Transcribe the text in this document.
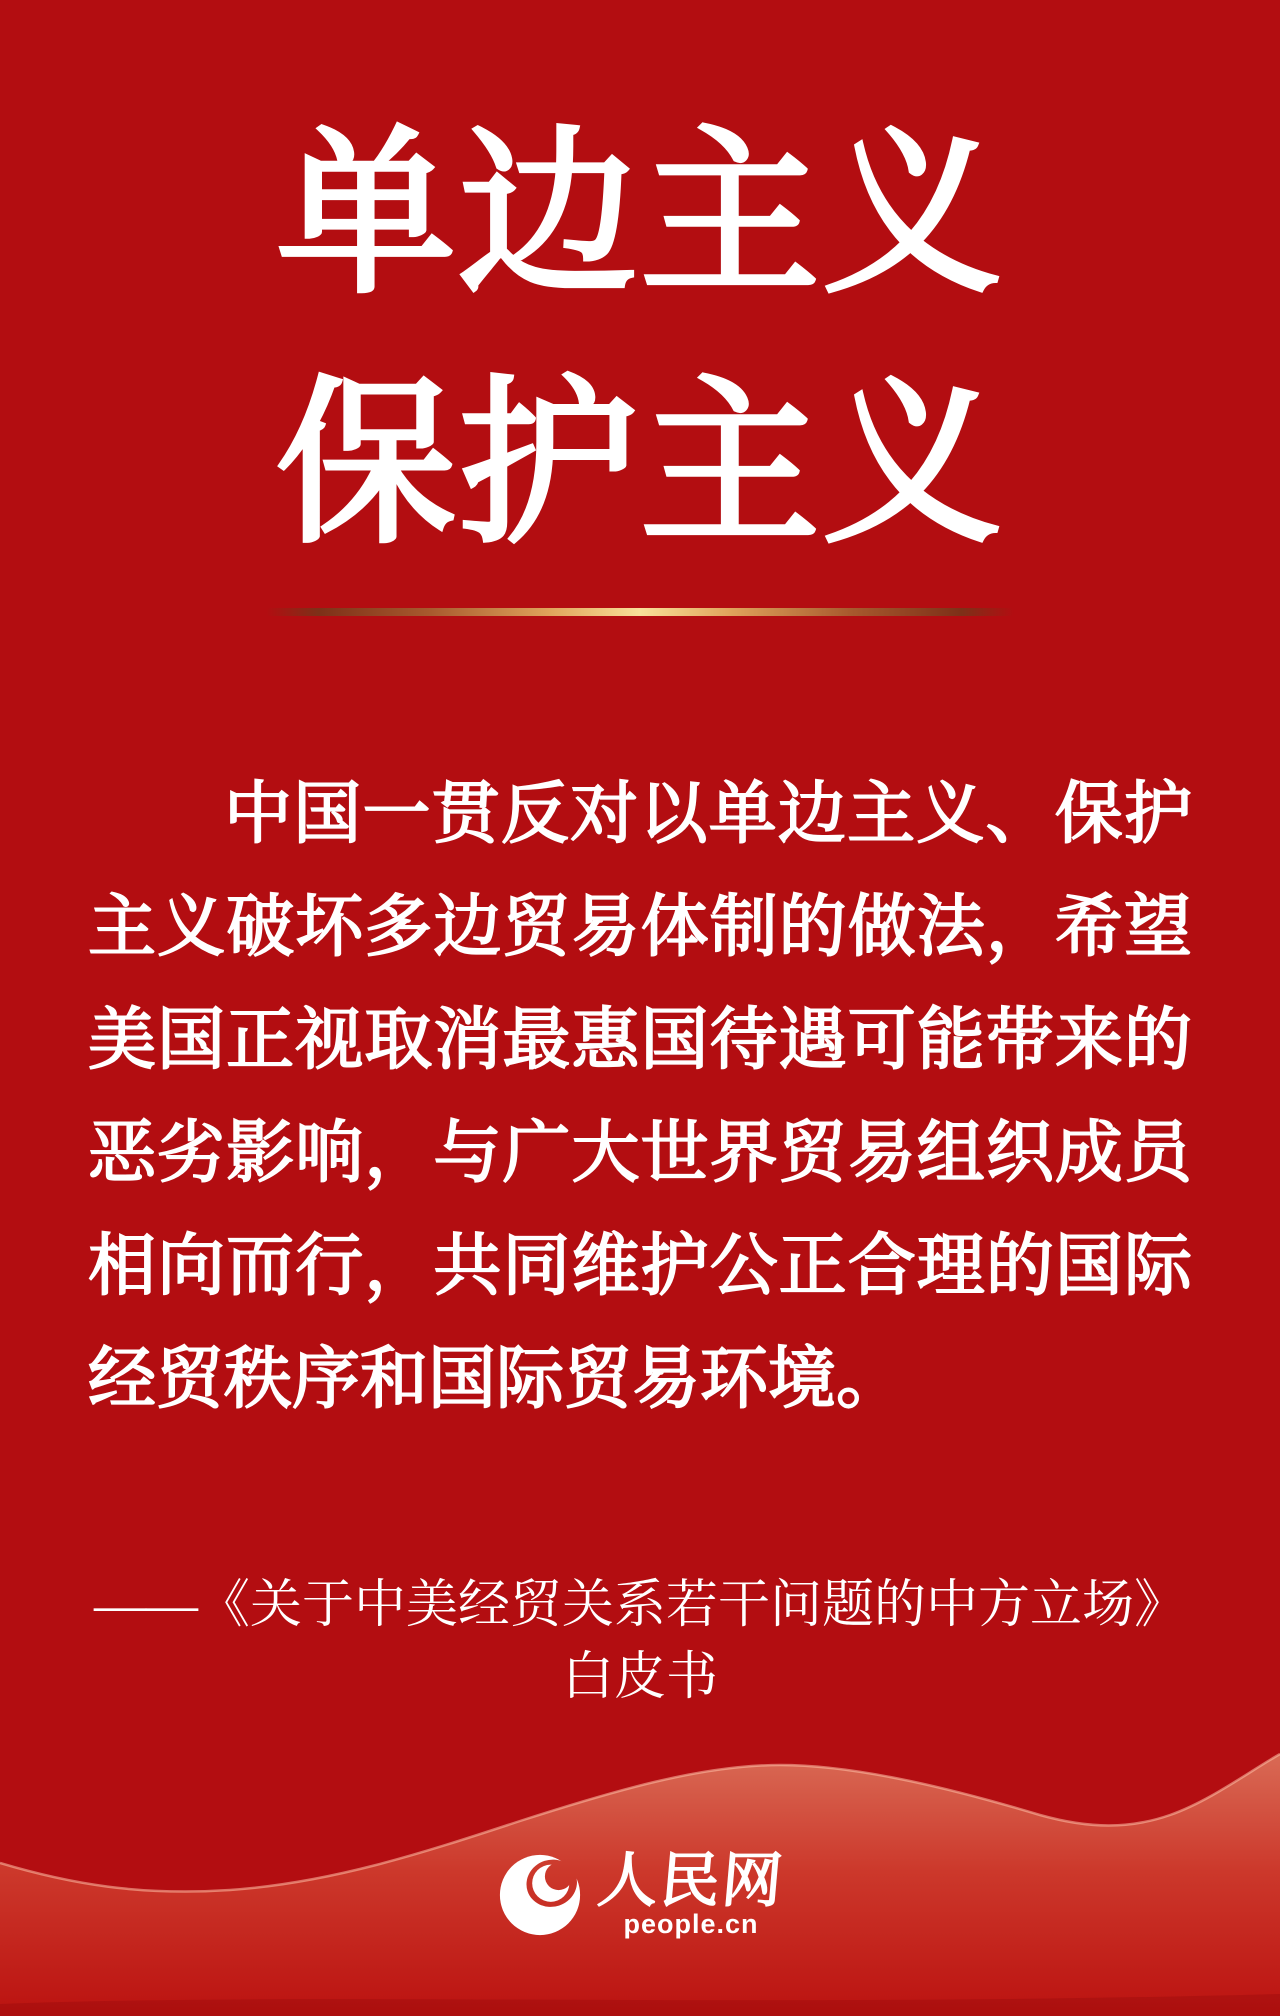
单边主义
保护主义

中国一贯反对以单边主义、保护主义破坏多边贸易体制的做法，希望美国正视取消最惠国待遇可能带来的恶劣影响，与广大世界贸易组织成员相向而行，共同维护公正合理的国际经贸秩序和国际贸易环境。

——《关于中美经贸关系若干问题的中方立场》
白皮书
人民网
people.cn
